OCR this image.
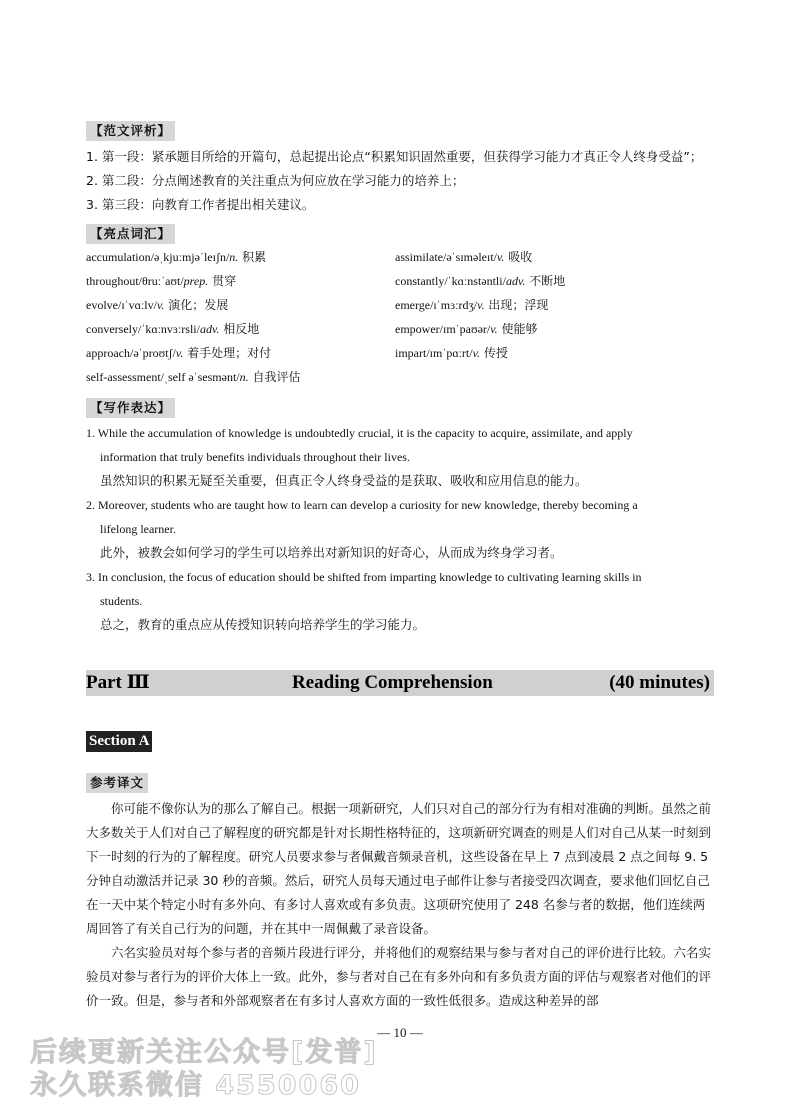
【范文评析】
1. 第一段：紧承题目所给的开篇句，总起提出论点“积累知识固然重要，但获得学习能力才真正令人终身受益”；
2. 第二段：分点阐述教育的关注重点为何应放在学习能力的培养上；
3. 第三段：向教育工作者提出相关建议。
【亮点词汇】
accumulation/əˌkjuːmjəˈleɪʃn/n. 积累
throughout/θruːˈaʊt/prep. 贯穿
evolve/ɪˈvɑːlv/v. 演化；发展
conversely/ˈkɑːnvɜːrsli/adv. 相反地
approach/əˈproʊtʃ/v. 着手处理；对付
self-assessment/ˌself əˈsesmənt/n. 自我评估
assimilate/əˈsɪməleɪt/v. 吸收
constantly/ˈkɑːnstəntli/adv. 不断地
emerge/ɪˈmɜːrdʒ/v. 出现；浮现
empower/ɪmˈpaʊər/v. 使能够
impart/ɪmˈpɑːrt/v. 传授
【写作表达】
1. While the accumulation of knowledge is undoubtedly crucial, it is the capacity to acquire, assimilate, and apply
information that truly benefits individuals throughout their lives.
虽然知识的积累无疑至关重要，但真正令人终身受益的是获取、吸收和应用信息的能力。
2. Moreover, students who are taught how to learn can develop a curiosity for new knowledge, thereby becoming a
lifelong learner.
此外，被教会如何学习的学生可以培养出对新知识的好奇心，从而成为终身学习者。
3. In conclusion, the focus of education should be shifted from imparting knowledge to cultivating learning skills in
students.
总之，教育的重点应从传授知识转向培养学生的学习能力。
Part Ⅲ	Reading Comprehension	(40 minutes)
Section A
参考译文
你可能不像你认为的那么了解自己。根据一项新研究，人们只对自己的部分行为有相对准确的判断。虽然之前大多数关于人们对自己了解程度的研究都是针对长期性格特征的，这项新研究调查的则是人们对自己从某一时刻到下一时刻的行为的了解程度。研究人员要求参与者佩戴音频录音机，这些设备在早上 7 点到凌晨 2 点之间每 9. 5 分钟自动激活并记录 30 秒的音频。然后，研究人员每天通过电子邮件让参与者接受四次调查，要求他们回忆自己在一天中某个特定小时有多外向、有多讨人喜欢或有多负责。这项研究使用了 248 名参与者的数据，他们连续两周回答了有关自己行为的问题，并在其中一周佩戴了录音设备。
六名实验员对每个参与者的音频片段进行评分，并将他们的观察结果与参与者对自己的评价进行比较。六名实验员对参与者行为的评价大体上一致。此外，参与者对自己在有多外向和有多负责方面的评估与观察者对他们的评价一致。但是，参与者和外部观察者在有多讨人喜欢方面的一致性低很多。造成这种差异的部
— 10 —
后续更新关注公众号[发普]
永久联系微信 4550060
